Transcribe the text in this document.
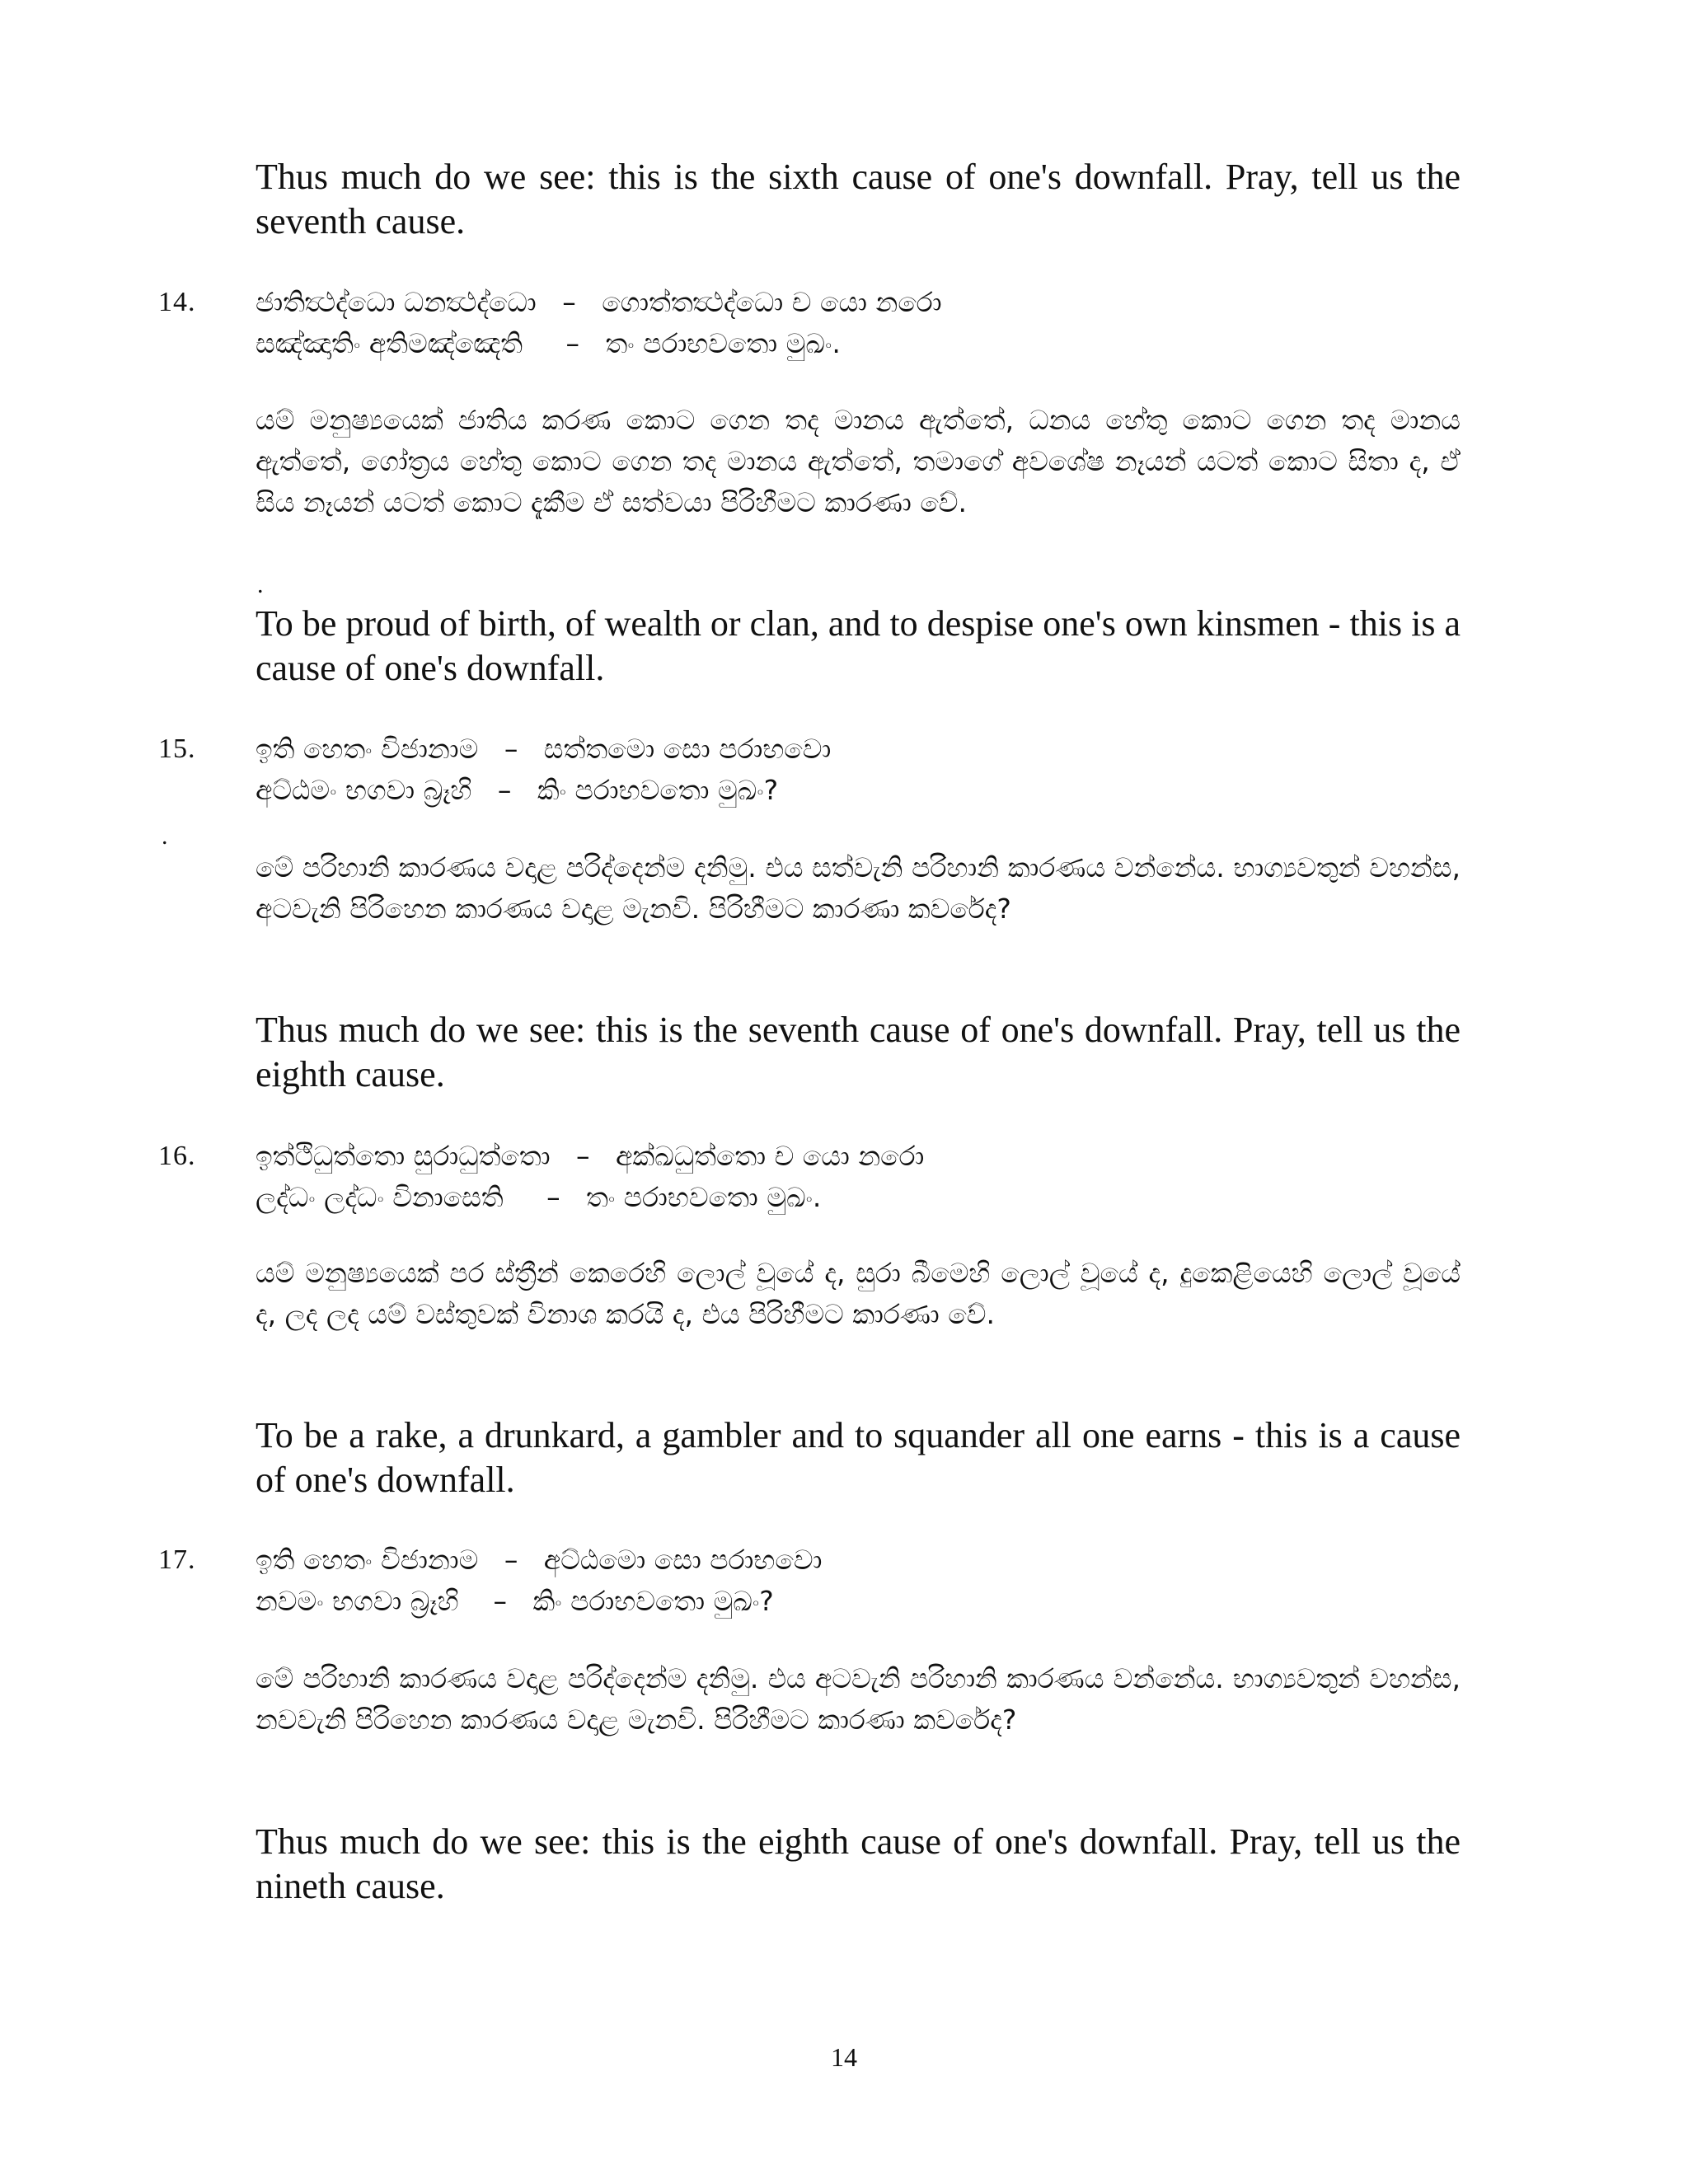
Thus much do we see: this is the sixth cause of one's downfall. Pray, tell us the seventh cause.
14. ජාතිත්‍ථද්ධො ධනත්‍ථද්ධො   –   ගොත්තත්‍ථද්ධො ච යො නරො
සඤ්ඤාතිං අතිමඤ්ඤෙති     –   තං පරාභවතො මුඛං.
යම් මනුෂ්‍යයෙක් ජාතිය කරණ කොට ගෙන තද මානය ඇත්තේ, ධනය හේතු කොට ගෙන තද මානය ඇත්තේ, ගෝත්‍රය හේතු කොට ගෙන තද මානය ඇත්තේ, තමාගේ අවශේෂ නෑයන් යටත් කොට සිතා ද, ඒ සිය නෑයන් යටත් කොට දැකීම ඒ සත්වයා පිරිහීමට කාරණා වේ.
.
To be proud of birth, of wealth or clan, and to despise one's own kinsmen - this is a cause of one's downfall.
15. ඉති හෙතං විජානාම   –   සත්තමො සො පරාභවො
අට්ඨමං භගවා බ්‍රෑහි   –   කිං පරාභවතො මුඛං?
.
මේ පරිහානි කාරණය වදාළ පරිද්දෙන්ම දනිමු. එය සත්වැනි පරිහානි කාරණය වන්නේය. භාග්‍යවතුන් වහන්ස, අටවැනි පිරිහෙන කාරණය වදාළ මැනවි. පිරිහීමට කාරණා කවරේද?
Thus much do we see: this is the seventh cause of one's downfall. Pray, tell us the eighth cause.
16. ඉත්ථිධුත්තො සුරාධුත්තො   –   අක්ඛධුත්තො ච යො නරො
ලද්ධං ලද්ධං විනාසෙති     –   තං පරාභවතො මුඛං.
යම් මනුෂ්‍යයෙක් පර ස්ත්‍රීන් කෙරෙහි ලොල් වූයේ ද, සුරා බීමෙහි ලොල් වූයේ ද, දුකෙළියෙහි ලොල් වූයේ ද, ලද ලද යම් වස්තුවක් විනාශ කරයි ද, එය පිරිහීමට කාරණා වේ.
To be a rake, a drunkard, a gambler and to squander all one earns - this is a cause of one's downfall.
17. ඉති හෙතං විජානාම   –   අට්ඨමො සො පරාභවො
නවමං භගවා බ්‍රෑහි    –   කිං පරාභවතො මුඛං?
මේ පරිහානි කාරණය වදාළ පරිද්දෙන්ම දනිමු. එය අටවැනි පරිහානි කාරණය වන්නේය. භාග්‍යවතුන් වහන්ස, නවවැනි පිරිහෙන කාරණය වදාළ මැනවි. පිරිහීමට කාරණා කවරේද?
Thus much do we see: this is the eighth cause of one's downfall. Pray, tell us the nineth cause.
14
